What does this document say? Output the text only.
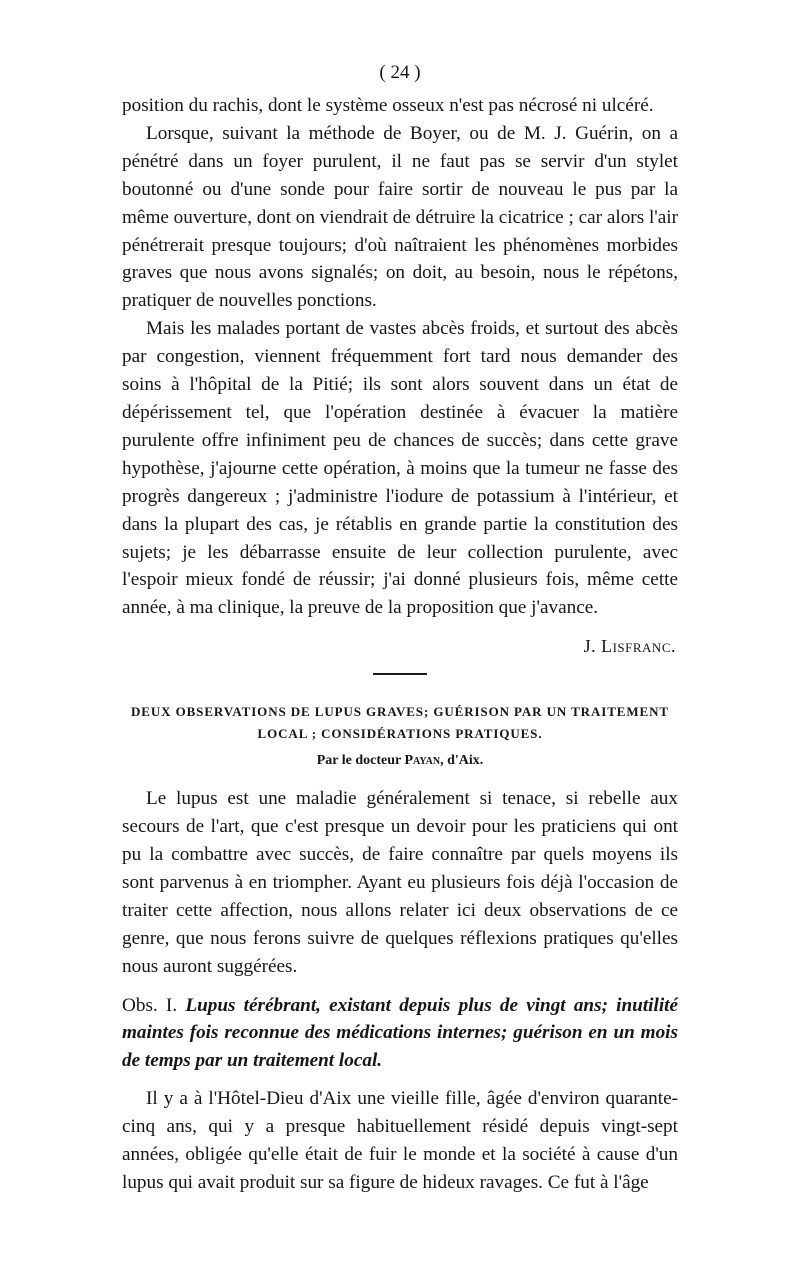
( 24 )

position du rachis, dont le système osseux n'est pas nécrosé ni ulcéré.

Lorsque, suivant la méthode de Boyer, ou de M. J. Guérin, on a pénétré dans un foyer purulent, il ne faut pas se servir d'un stylet boutonné ou d'une sonde pour faire sortir de nouveau le pus par la même ouverture, dont on viendrait de détruire la cicatrice ; car alors l'air pénétrerait presque toujours; d'où naîtraient les phénomènes morbides graves que nous avons signalés; on doit, au besoin, nous le répétons, pratiquer de nouvelles ponctions.

Mais les malades portant de vastes abcès froids, et surtout des abcès par congestion, viennent fréquemment fort tard nous demander des soins à l'hôpital de la Pitié; ils sont alors souvent dans un état de dépérissement tel, que l'opération destinée à évacuer la matière purulente offre infiniment peu de chances de succès; dans cette grave hypothèse, j'ajourne cette opération, à moins que la tumeur ne fasse des progrès dangereux ; j'administre l'iodure de potassium à l'intérieur, et dans la plupart des cas, je rétablis en grande partie la constitution des sujets; je les débarrasse ensuite de leur collection purulente, avec l'espoir mieux fondé de réussir; j'ai donné plusieurs fois, même cette année, à ma clinique, la preuve de la proposition que j'avance.

J. Lisfranc.
DEUX OBSERVATIONS DE LUPUS GRAVES; GUÉRISON PAR UN TRAITEMENT LOCAL ; CONSIDÉRATIONS PRATIQUES.
Par le docteur Payan, d'Aix.

Le lupus est une maladie généralement si tenace, si rebelle aux secours de l'art, que c'est presque un devoir pour les praticiens qui ont pu la combattre avec succès, de faire connaître par quels moyens ils sont parvenus à en triompher. Ayant eu plusieurs fois déjà l'occasion de traiter cette affection, nous allons relater ici deux observations de ce genre, que nous ferons suivre de quelques réflexions pratiques qu'elles nous auront suggérées.

Obs. I. Lupus térébrant, existant depuis plus de vingt ans; inutilité maintes fois reconnue des médications internes; guérison en un mois de temps par un traitement local.

Il y a à l'Hôtel-Dieu d'Aix une vieille fille, âgée d'environ quarante-cinq ans, qui y a presque habituellement résidé depuis vingt-sept années, obligée qu'elle était de fuir le monde et la société à cause d'un lupus qui avait produit sur sa figure de hideux ravages. Ce fut à l'âge
